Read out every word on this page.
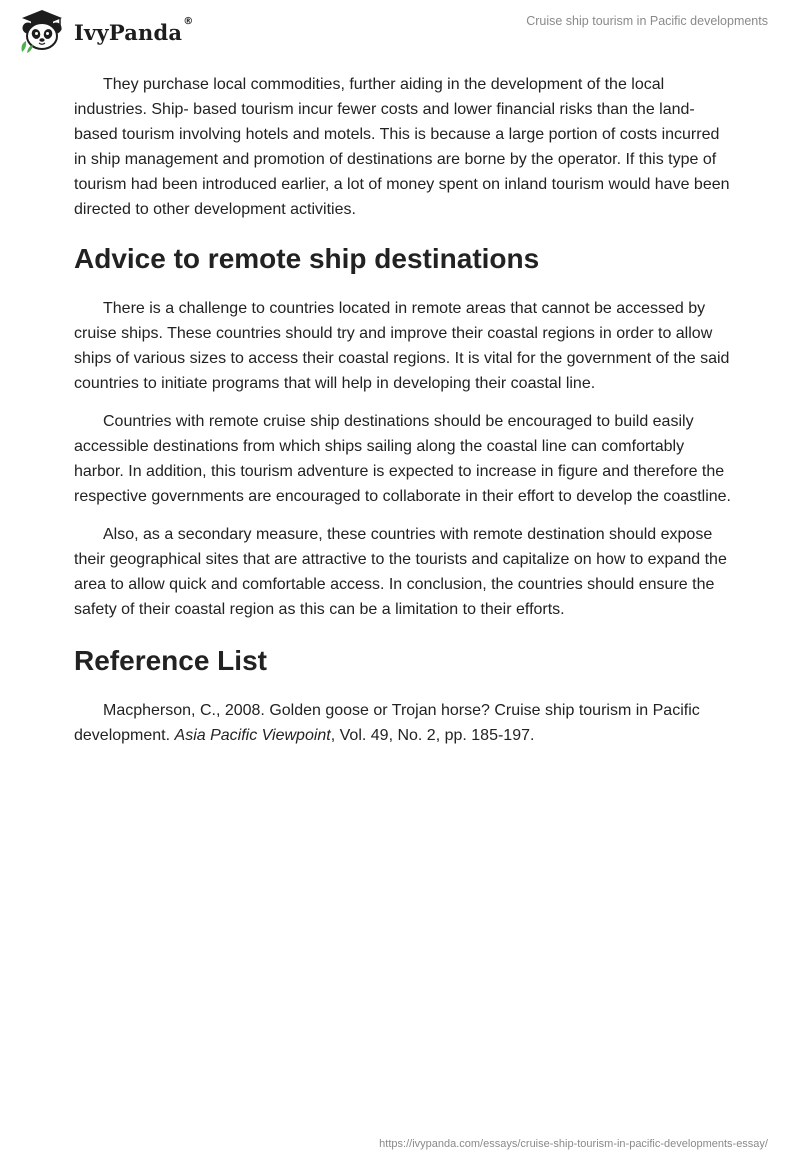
IvyPanda®	Cruise ship tourism in Pacific developments

They purchase local commodities, further aiding in the development of the local industries. Ship- based tourism incur fewer costs and lower financial risks than the land-based tourism involving hotels and motels. This is because a large portion of costs incurred in ship management and promotion of destinations are borne by the operator. If this type of tourism had been introduced earlier, a lot of money spent on inland tourism would have been directed to other development activities.

Advice to remote ship destinations

There is a challenge to countries located in remote areas that cannot be accessed by cruise ships. These countries should try and improve their coastal regions in order to allow ships of various sizes to access their coastal regions. It is vital for the government of the said countries to initiate programs that will help in developing their coastal line.

Countries with remote cruise ship destinations should be encouraged to build easily accessible destinations from which ships sailing along the coastal line can comfortably harbor. In addition, this tourism adventure is expected to increase in figure and therefore the respective governments are encouraged to collaborate in their effort to develop the coastline.

Also, as a secondary measure, these countries with remote destination should expose their geographical sites that are attractive to the tourists and capitalize on how to expand the area to allow quick and comfortable access. In conclusion, the countries should ensure the safety of their coastal region as this can be a limitation to their efforts.

Reference List

Macpherson, C., 2008. Golden goose or Trojan horse? Cruise ship tourism in Pacific development. Asia Pacific Viewpoint, Vol. 49, No. 2, pp. 185-197.

https://ivypanda.com/essays/cruise-ship-tourism-in-pacific-developments-essay/
